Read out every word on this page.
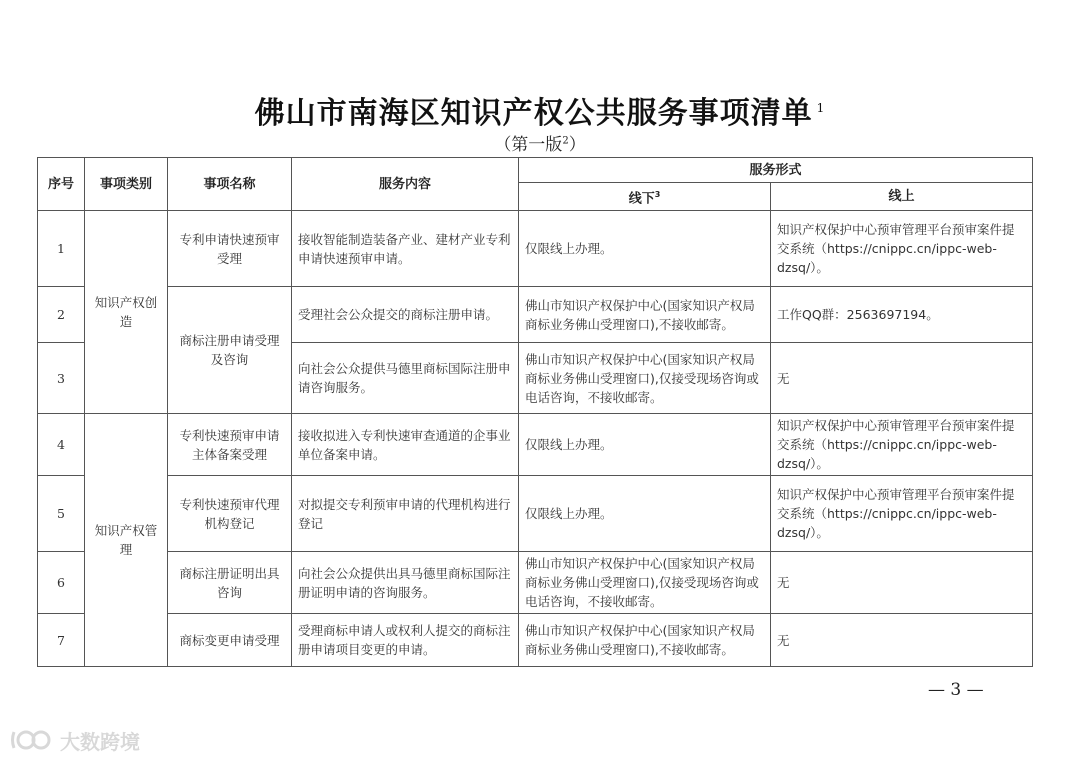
佛山市南海区知识产权公共服务事项清单 $^1$
（第一版$^2$）
序号	事项类别	事项名称	服务内容	服务形式	
				线下$^3$	线上
1	知识产权创造	专利申请快速预审受理	接收智能制造装备产业、建材产业专利申请快速预审申请。	仅限线上办理。	知识产权保护中心预审管理平台预审案件提交系统（https://cnippc.cn/ippc-web-dzsq/）。
2		商标注册申请受理及咨询	受理社会公众提交的商标注册申请。	佛山市知识产权保护中心(国家知识产权局商标业务佛山受理窗口),不接收邮寄。	工作QQ群：2563697194。
3			向社会公众提供马德里商标国际注册申请咨询服务。	佛山市知识产权保护中心(国家知识产权局商标业务佛山受理窗口),仅接受现场咨询或电话咨询，不接收邮寄。	无
4	知识产权管理	专利快速预审申请主体备案受理	接收拟进入专利快速审查通道的企事业单位备案申请。	仅限线上办理。	知识产权保护中心预审管理平台预审案件提交系统（https://cnippc.cn/ippc-web-dzsq/）。
5		专利快速预审代理机构登记	对拟提交专利预审申请的代理机构进行登记	仅限线上办理。	知识产权保护中心预审管理平台预审案件提交系统（https://cnippc.cn/ippc-web-dzsq/）。
6		商标注册证明出具咨询	向社会公众提供出具马德里商标国际注册证明申请的咨询服务。	佛山市知识产权保护中心(国家知识产权局商标业务佛山受理窗口),仅接受现场咨询或电话咨询，不接收邮寄。	无
7		商标变更申请受理	受理商标申请人或权利人提交的商标注册申请项目变更的申请。	佛山市知识产权保护中心(国家知识产权局商标业务佛山受理窗口),不接收邮寄。	无
— 3 —
大数跨境
